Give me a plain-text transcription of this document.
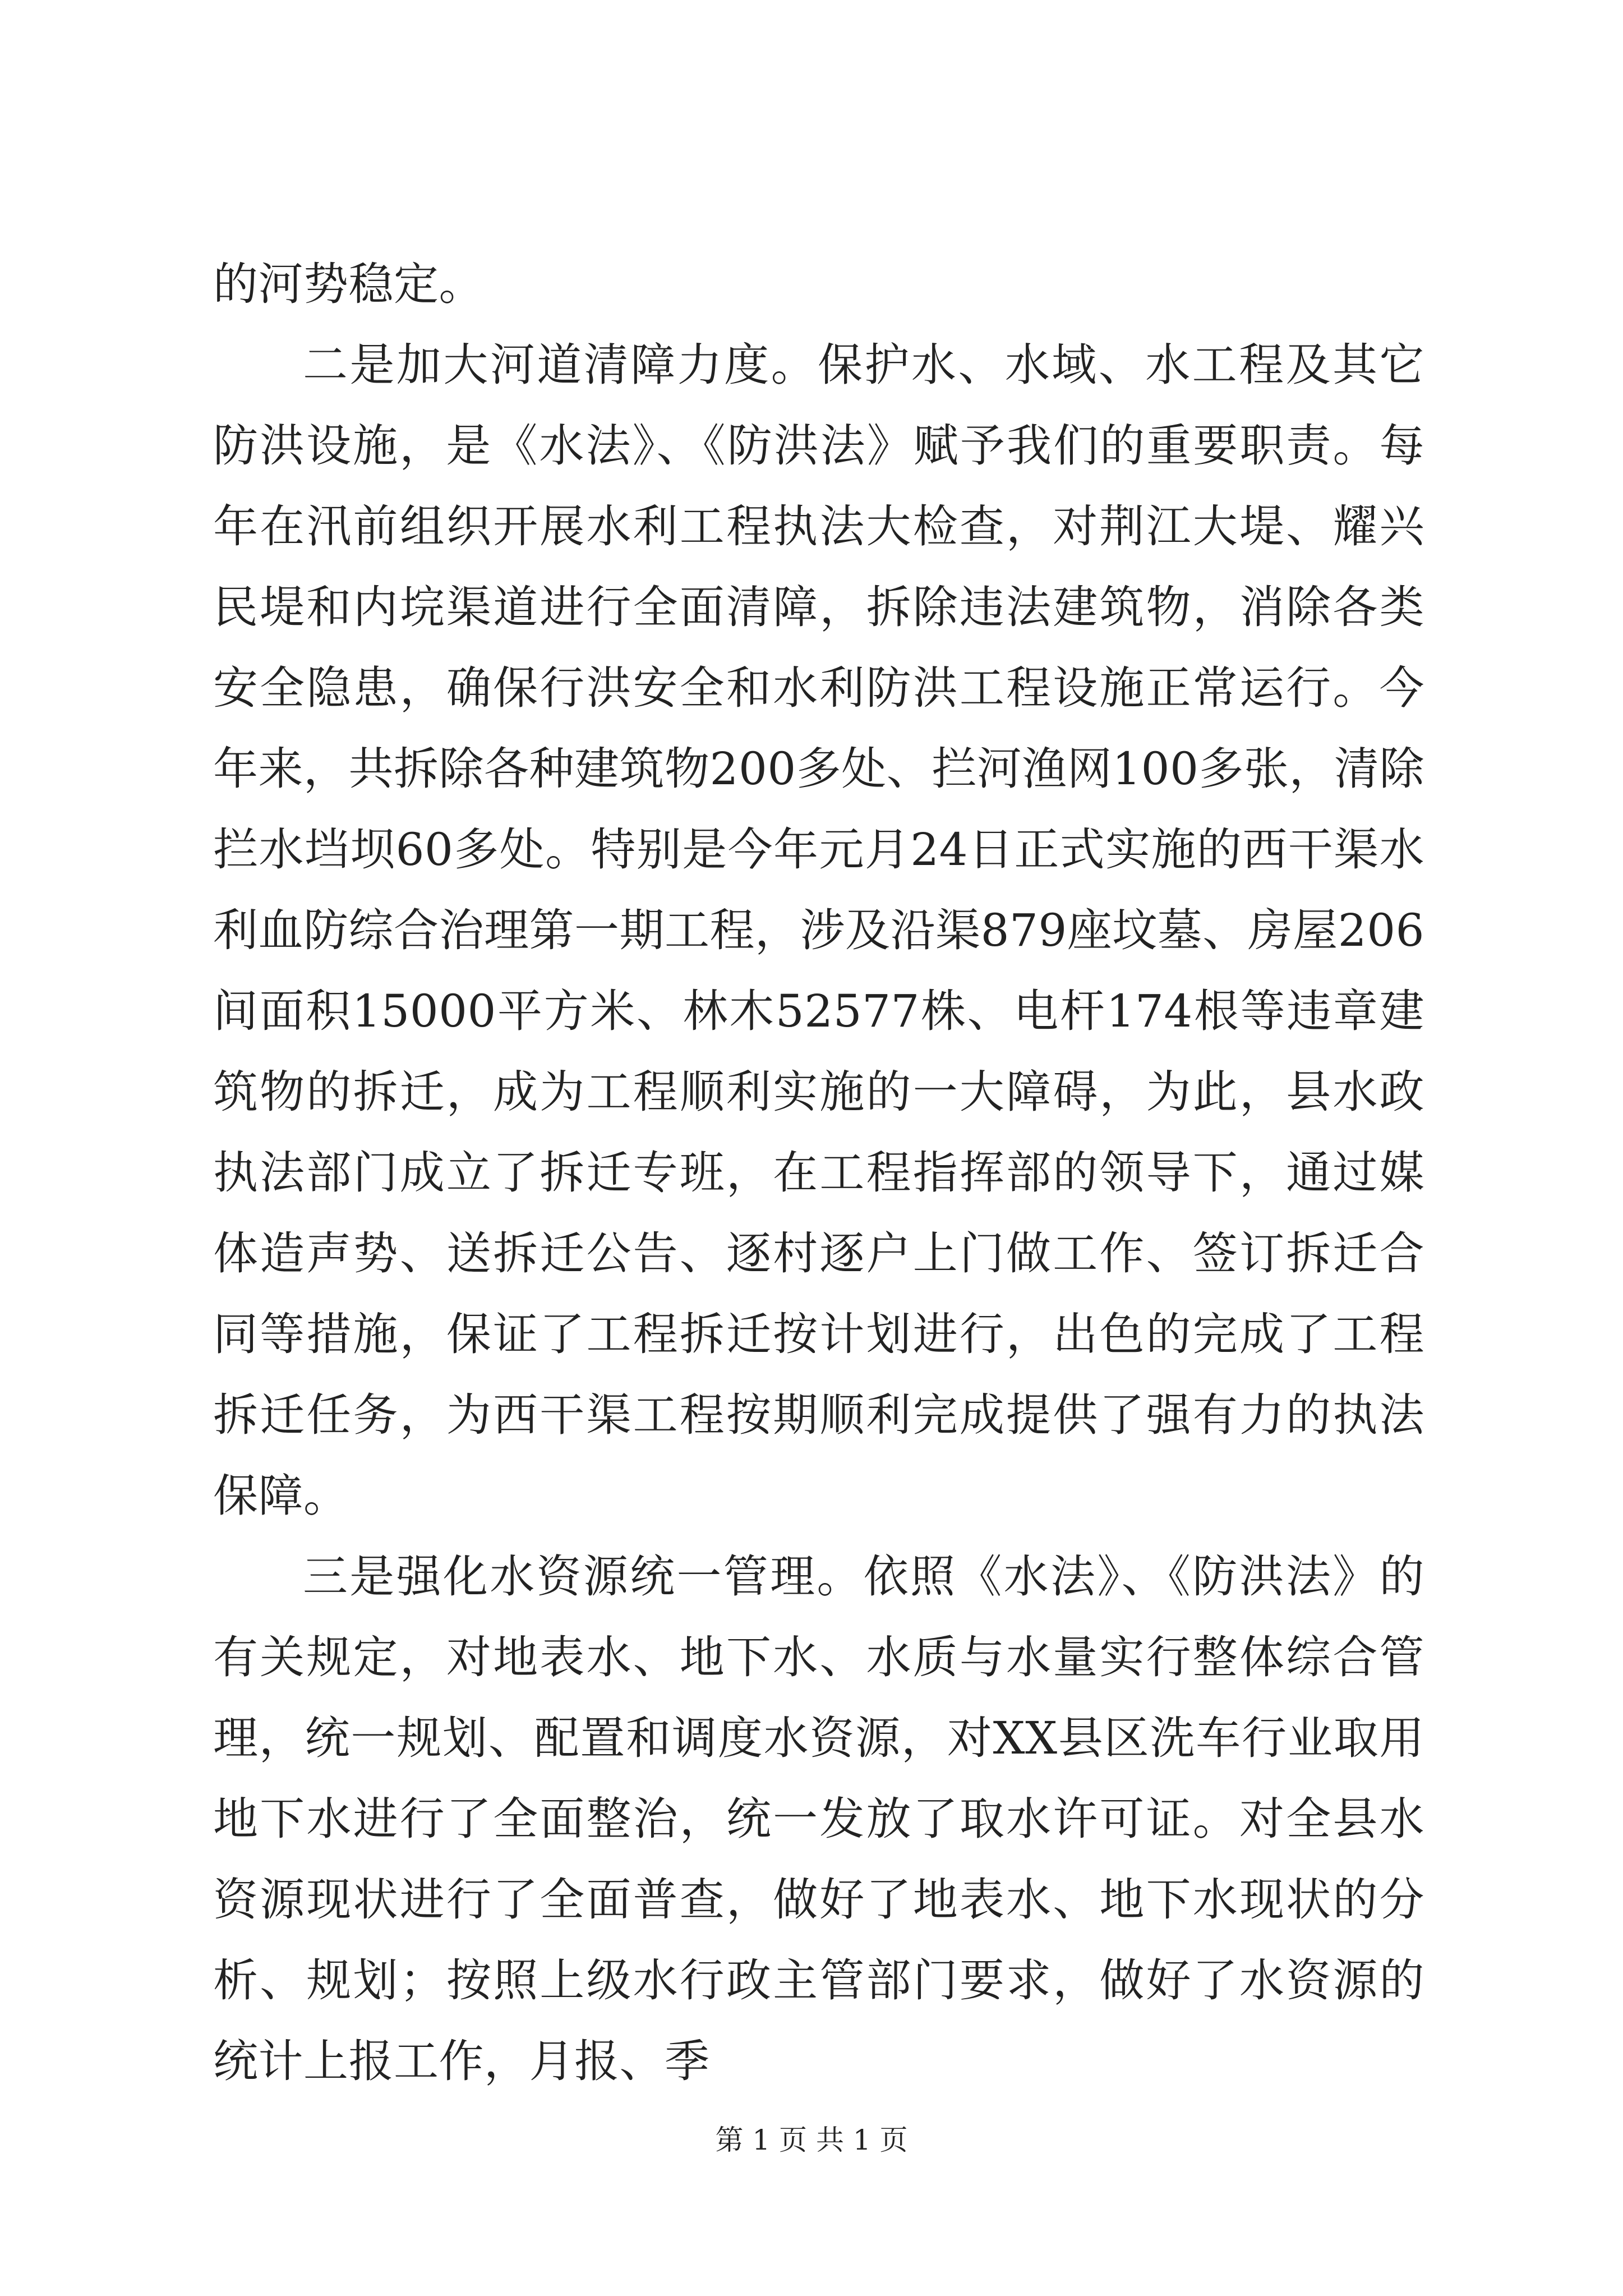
的河势稳定。

二是加大河道清障力度。保护水、水域、水工程及其它防洪设施，是《水法》、《防洪法》赋予我们的重要职责。每年在汛前组织开展水利工程执法大检查，对荆江大堤、耀兴民堤和内垸渠道进行全面清障，拆除违法建筑物，消除各类安全隐患，确保行洪安全和水利防洪工程设施正常运行。今年来，共拆除各种建筑物200多处、拦河渔网100多张，清除拦水垱坝60多处。特别是今年元月24日正式实施的西干渠水利血防综合治理第一期工程，涉及沿渠879座坟墓、房屋206间面积15000平方米、林木52577株、电杆174根等违章建筑物的拆迁，成为工程顺利实施的一大障碍，为此，县水政执法部门成立了拆迁专班，在工程指挥部的领导下，通过媒体造声势、送拆迁公告、逐村逐户上门做工作、签订拆迁合同等措施，保证了工程拆迁按计划进行，出色的完成了工程拆迁任务，为西干渠工程按期顺利完成提供了强有力的执法保障。

三是强化水资源统一管理。依照《水法》、《防洪法》的有关规定，对地表水、地下水、水质与水量实行整体综合管理，统一规划、配置和调度水资源，对XX县区洗车行业取用地下水进行了全面整治，统一发放了取水许可证。对全县水资源现状进行了全面普查，做好了地表水、地下水现状的分析、规划；按照上级水行政主管部门要求，做好了水资源的统计上报工作，月报、季

第 1 页 共 1 页
